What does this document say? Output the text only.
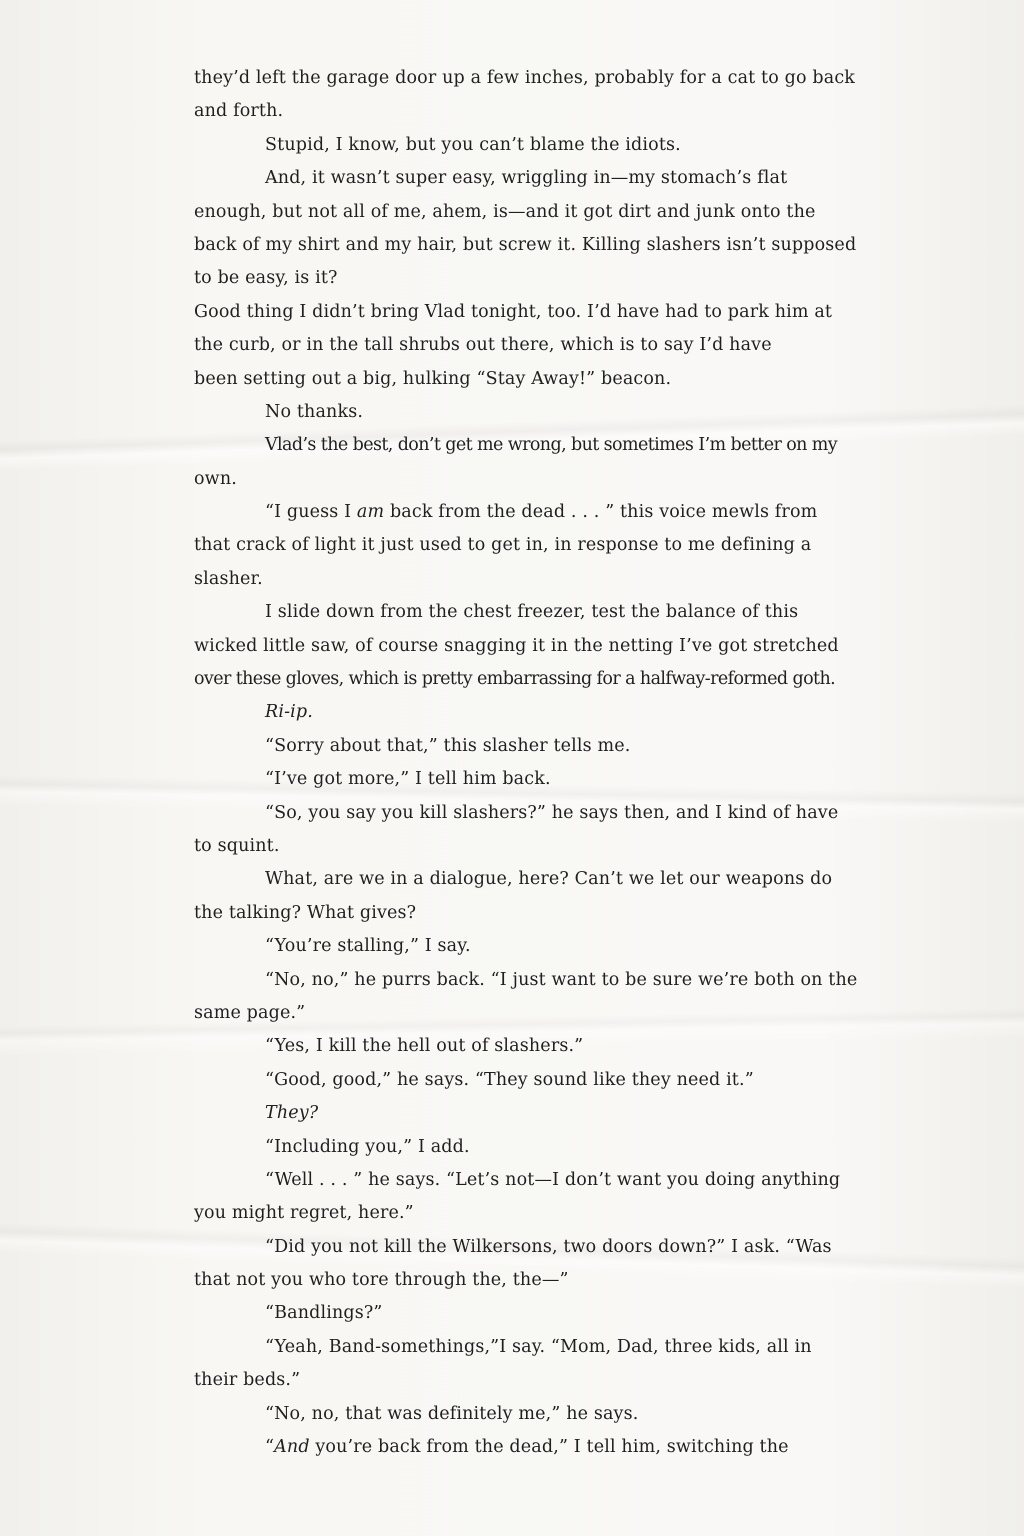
they’d left the garage door up a few inches, probably for a cat to go back
and forth.
Stupid, I know, but you can’t blame the idiots.
And, it wasn’t super easy, wriggling in—my stomach’s flat
enough, but not all of me, ahem, is—and it got dirt and junk onto the
back of my shirt and my hair, but screw it. Killing slashers isn’t supposed
to be easy, is it?
Good thing I didn’t bring Vlad tonight, too. I’d have had to park him at
the curb, or in the tall shrubs out there, which is to say I’d have
been setting out a big, hulking “Stay Away!” beacon.
No thanks.
Vlad’s the best, don’t get me wrong, but sometimes I’m better on my
own.
“I guess I am back from the dead . . . ” this voice mewls from
that crack of light it just used to get in, in response to me defining a
slasher.
I slide down from the chest freezer, test the balance of this
wicked little saw, of course snagging it in the netting I’ve got stretched
over these gloves, which is pretty embarrassing for a halfway-reformed goth.
Ri-ip.
“Sorry about that,” this slasher tells me.
“I’ve got more,” I tell him back.
“So, you say you kill slashers?” he says then, and I kind of have
to squint.
What, are we in a dialogue, here? Can’t we let our weapons do
the talking? What gives?
“You’re stalling,” I say.
“No, no,” he purrs back. “I just want to be sure we’re both on the
same page.”
“Yes, I kill the hell out of slashers.”
“Good, good,” he says. “They sound like they need it.”
They?
“Including you,” I add.
“Well . . . ” he says. “Let’s not—I don’t want you doing anything
you might regret, here.”
“Did you not kill the Wilkersons, two doors down?” I ask. “Was
that not you who tore through the, the—”
“Bandlings?”
“Yeah, Band-somethings,”I say. “Mom, Dad, three kids, all in
their beds.”
“No, no, that was definitely me,” he says.
“And you’re back from the dead,” I tell him, switching the
